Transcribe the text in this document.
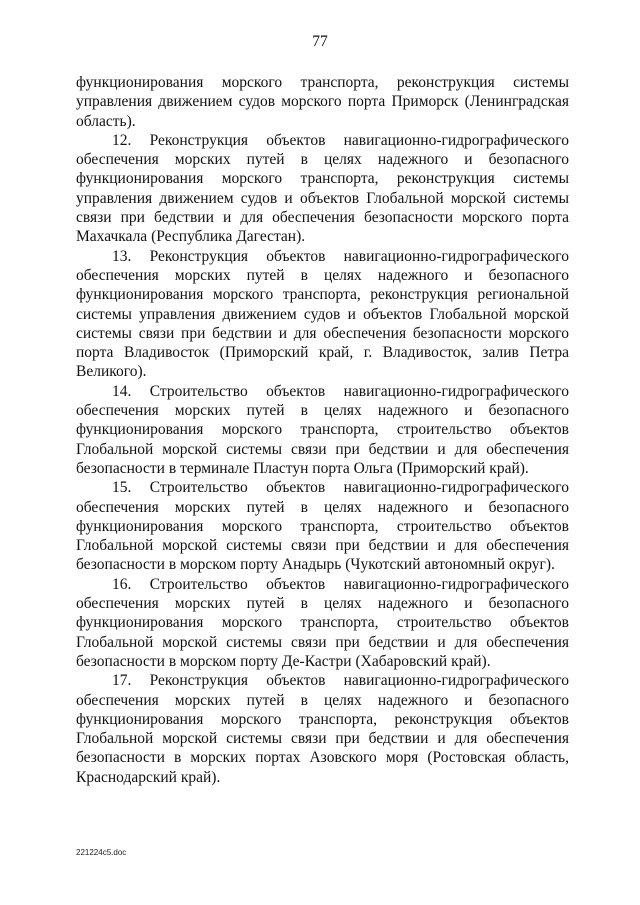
77

функционирования морского транспорта, реконструкция системы управления движением судов морского порта Приморск (Ленинградская область).

12. Реконструкция объектов навигационно-гидрографического обеспечения морских путей в целях надежного и безопасного функционирования морского транспорта, реконструкция системы управления движением судов и объектов Глобальной морской системы связи при бедствии и для обеспечения безопасности морского порта Махачкала (Республика Дагестан).

13. Реконструкция объектов навигационно-гидрографического обеспечения морских путей в целях надежного и безопасного функционирования морского транспорта, реконструкция региональной системы управления движением судов и объектов Глобальной морской системы связи при бедствии и для обеспечения безопасности морского порта Владивосток (Приморский край, г. Владивосток, залив Петра Великого).

14. Строительство объектов навигационно-гидрографического обеспечения морских путей в целях надежного и безопасного функционирования морского транспорта, строительство объектов Глобальной морской системы связи при бедствии и для обеспечения безопасности в терминале Пластун порта Ольга (Приморский край).

15. Строительство объектов навигационно-гидрографического обеспечения морских путей в целях надежного и безопасного функционирования морского транспорта, строительство объектов Глобальной морской системы связи при бедствии и для обеспечения безопасности в морском порту Анадырь (Чукотский автономный округ).

16. Строительство объектов навигационно-гидрографического обеспечения морских путей в целях надежного и безопасного функционирования морского транспорта, строительство объектов Глобальной морской системы связи при бедствии и для обеспечения безопасности в морском порту Де-Кастри (Хабаровский край).

17. Реконструкция объектов навигационно-гидрографического обеспечения морских путей в целях надежного и безопасного функционирования морского транспорта, реконструкция объектов Глобальной морской системы связи при бедствии и для обеспечения безопасности в морских портах Азовского моря (Ростовская область, Краснодарский край).

221224c5.doc
